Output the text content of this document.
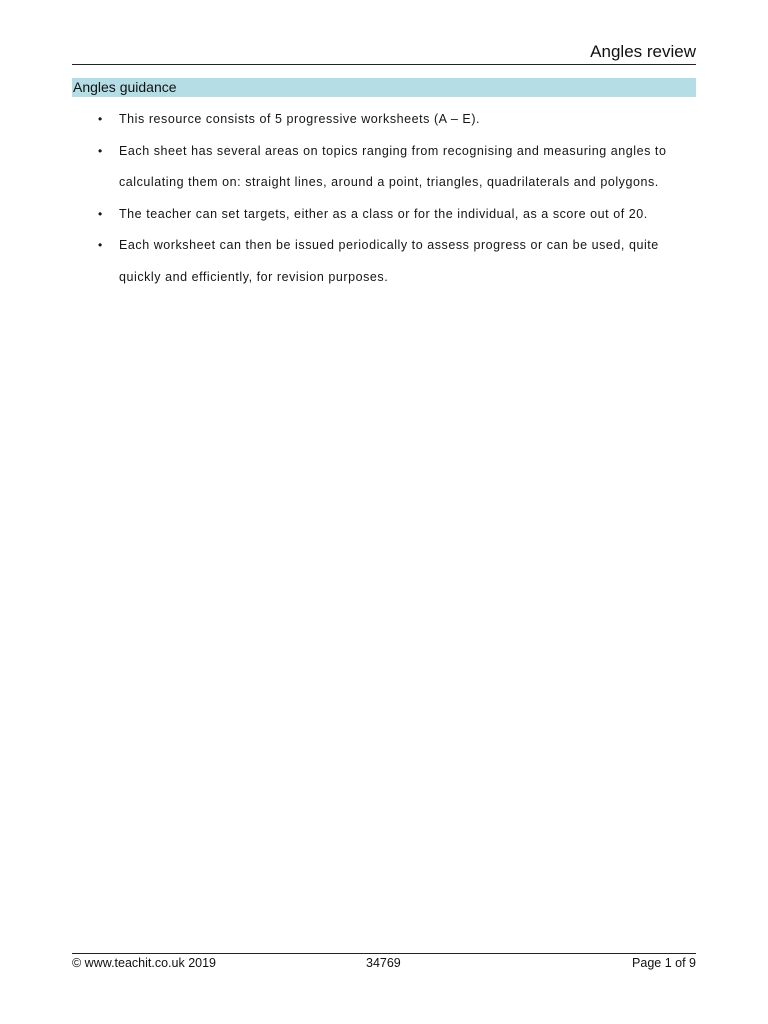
Angles review
Angles guidance
• This resource consists of 5 progressive worksheets (A – E).
• Each sheet has several areas on topics ranging from recognising and measuring angles to calculating them on: straight lines, around a point, triangles, quadrilaterals and polygons.
• The teacher can set targets, either as a class or for the individual, as a score out of 20.
• Each worksheet can then be issued periodically to assess progress or can be used, quite quickly and efficiently, for revision purposes.
© www.teachit.co.uk 2019	34769	Page 1 of 9
